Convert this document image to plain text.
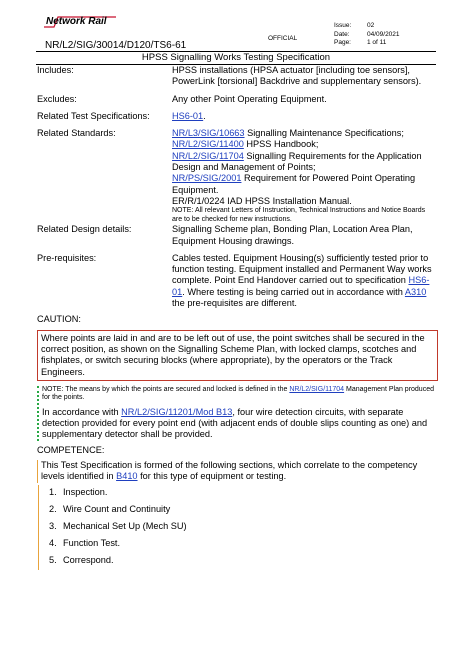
Network Rail
NR/L2/SIG/30014/D120/TS6-61
OFFICIAL
Issue:	02
Date:	04/09/2021
Page:	1 of 11
HPSS Signalling Works Testing Specification
Includes:	HPSS installations (HPSA actuator [including toe sensors], PowerLink [torsional] Backdrive and supplementary sensors).
Excludes:	Any other Point Operating Equipment.
Related Test Specifications:	HS6-01.
Related Standards:	NR/L3/SIG/10663 Signalling Maintenance Specifications;
NR/L2/SIG/11400 HPSS Handbook;
NR/L2/SIG/11704 Signalling Requirements for the Application Design and Management of Points;
NR/PS/SIG/2001 Requirement for Powered Point Operating Equipment.
ER/R/1/0224 IAD HPSS Installation Manual.
NOTE: All relevant Letters of Instruction, Technical Instructions and Notice Boards are to be checked for new instructions.
Related Design details:	Signalling Scheme plan, Bonding Plan, Location Area Plan, Equipment Housing drawings.
Pre-requisites:	Cables tested. Equipment Housing(s) sufficiently tested prior to function testing. Equipment installed and Permanent Way works complete. Point End Handover carried out to specification HS6-01. Where testing is being carried out in accordance with A310 the pre-requisites are different.
CAUTION:
Where points are laid in and are to be left out of use, the point switches shall be secured in the correct position, as shown on the Signalling Scheme Plan, with locked clamps, scotches and fishplates, or switch securing blocks (where appropriate), by the operators or the Track Engineers.
NOTE: The means by which the points are secured and locked is defined in the NR/L2/SIG/11704 Management Plan produced for the points.
In accordance with NR/L2/SIG/11201/Mod B13, four wire detection circuits, with separate detection provided for every point end (with adjacent ends of double slips counting as one) and supplementary detector shall be provided.
COMPETENCE:
This Test Specification is formed of the following sections, which correlate to the competency levels identified in B410 for this type of equipment or testing.
1. Inspection.
2. Wire Count and Continuity
3. Mechanical Set Up (Mech SU)
4. Function Test.
5. Correspond.
